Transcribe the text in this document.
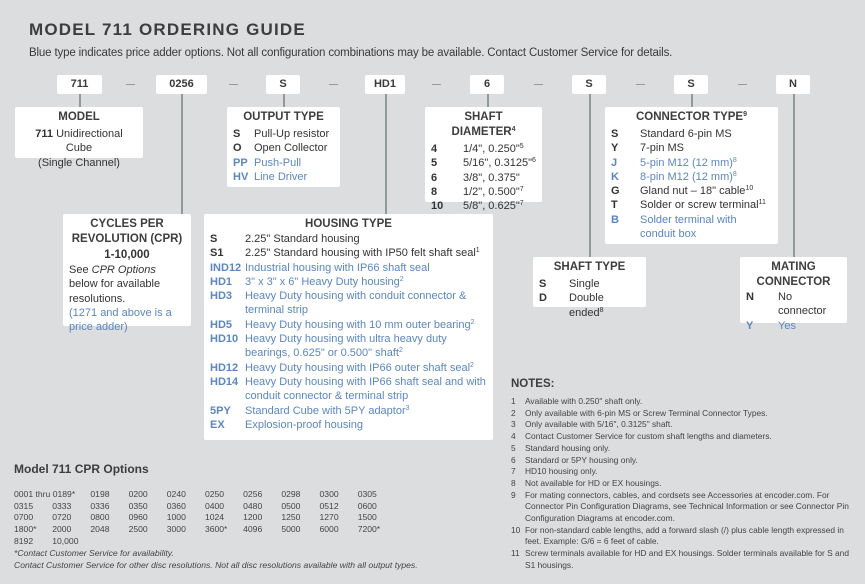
MODEL 711 ORDERING GUIDE
Blue type indicates price adder options. Not all configuration combinations may be available. Contact Customer Service for details.
711	0256	S	HD1	6	S	S	N
MODEL
711 Unidirectional Cube
(Single Channel)
OUTPUT TYPE
S	Pull-Up resistor
O	Open Collector
PP Push-Pull
HV Line Driver
SHAFT DIAMETER$^4$
4	1/4", 0.250"$^5$
5	5/16", 0.3125"$^6$
6	3/8", 0.375"
8	1/2", 0.500"$^7$
10	5/8", 0.625"$^7$
CONNECTOR TYPE$^9$
S	Standard 6-pin MS
Y	7-pin MS
J	5-pin M12 (12 mm)$^8$
K	8-pin M12 (12 mm)$^8$
G	Gland nut – 18" cable$^{10}$
T	Solder or screw terminal$^{11}$
B	Solder terminal with conduit box
CYCLES PER
REVOLUTION (CPR)
1-10,000
See CPR Options below for available resolutions.
(1271 and above is a price adder)
HOUSING TYPE
S	2.25" Standard housing
S1	2.25" Standard housing with IP50 felt shaft seal$^1$
IND12 Industrial housing with IP66 shaft seal
HD1	3" x 3" x 6" Heavy Duty housing$^2$
HD3	Heavy Duty housing with conduit connector & terminal strip
HD5	Heavy Duty housing with 10 mm outer bearing$^2$
HD10 Heavy Duty housing with ultra heavy duty bearings, 0.625" or 0.500" shaft$^2$
HD12 Heavy Duty housing with IP66 outer shaft seal$^2$
HD14 Heavy Duty housing with IP66 shaft seal and with conduit connector & terminal strip
5PY	Standard Cube with 5PY adaptor$^3$
EX	Explosion-proof housing
SHAFT TYPE
S	Single
D	Double ended$^8$
MATING
CONNECTOR
N	No connector
Y	Yes
Model 711 CPR Options
0001 thru 0189*	0198	0200	0240	0250	0256	0298	0300	0305
0315	0333	0336	0350	0360	0400	0480	0500	0512	0600
0700	0720	0800	0960	1000	1024	1200	1250	1270	1500
1800*	2000	2048	2500	3000	3600*	4096	5000	6000	7200*
8192	10,000
*Contact Customer Service for availability.
Contact Customer Service for other disc resolutions. Not all disc resolutions available with all output types.
NOTES:
1	Available with 0.250" shaft only.
2	Only available with 6-pin MS or Screw Terminal Connector Types.
3	Only available with 5/16", 0.3125" shaft.
4	Contact Customer Service for custom shaft lengths and diameters.
5	Standard housing only.
6	Standard or 5PY housing only.
7	HD10 housing only.
8	Not available for HD or EX housings.
9	For mating connectors, cables, and cordsets see Accessories at encoder.com. For Connector Pin Configuration Diagrams, see Technical Information or see Connector Pin Configuration Diagrams at encoder.com.
10 For non-standard cable lengths, add a forward slash (/) plus cable length expressed in feet. Example: G/6 = 6 feet of cable.
11 Screw terminals available for HD and EX housings. Solder terminals available for S and S1 housings.
